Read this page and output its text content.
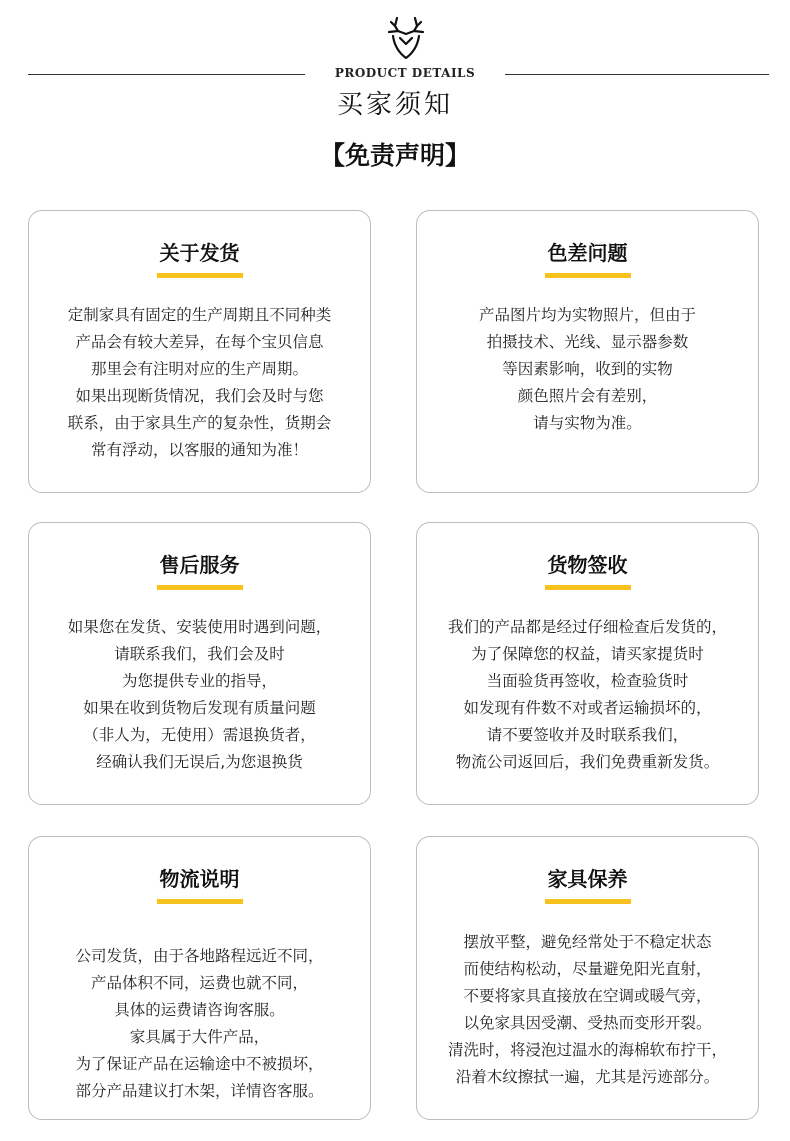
PRODUCT DETAILS
买家须知
【免责声明】
关于发货
定制家具有固定的生产周期且不同种类
产品会有较大差异，在每个宝贝信息
那里会有注明对应的生产周期。
如果出现断货情况，我们会及时与您
联系，由于家具生产的复杂性，货期会
常有浮动，以客服的通知为准！
色差问题
产品图片均为实物照片，但由于
拍摄技术、光线、显示器参数
等因素影响，收到的实物
颜色照片会有差别，
请与实物为准。
售后服务
如果您在发货、安装使用时遇到问题，
请联系我们，我们会及时
为您提供专业的指导，
如果在收到货物后发现有质量问题
（非人为，无使用）需退换货者，
经确认我们无误后,为您退换货
货物签收
我们的产品都是经过仔细检查后发货的，
为了保障您的权益，请买家提货时
当面验货再签收，检查验货时
如发现有件数不对或者运输损坏的，
请不要签收并及时联系我们，
物流公司返回后，我们免费重新发货。
物流说明
公司发货，由于各地路程远近不同，
产品体积不同，运费也就不同，
具体的运费请咨询客服。
家具属于大件产品，
为了保证产品在运输途中不被损坏，
部分产品建议打木架，详情咨客服。
家具保养
摆放平整，避免经常处于不稳定状态
而使结构松动，尽量避免阳光直射，
不要将家具直接放在空调或暖气旁，
以免家具因受潮、受热而变形开裂。
清洗时，将浸泡过温水的海棉软布拧干，
沿着木纹擦拭一遍，尤其是污迹部分。
